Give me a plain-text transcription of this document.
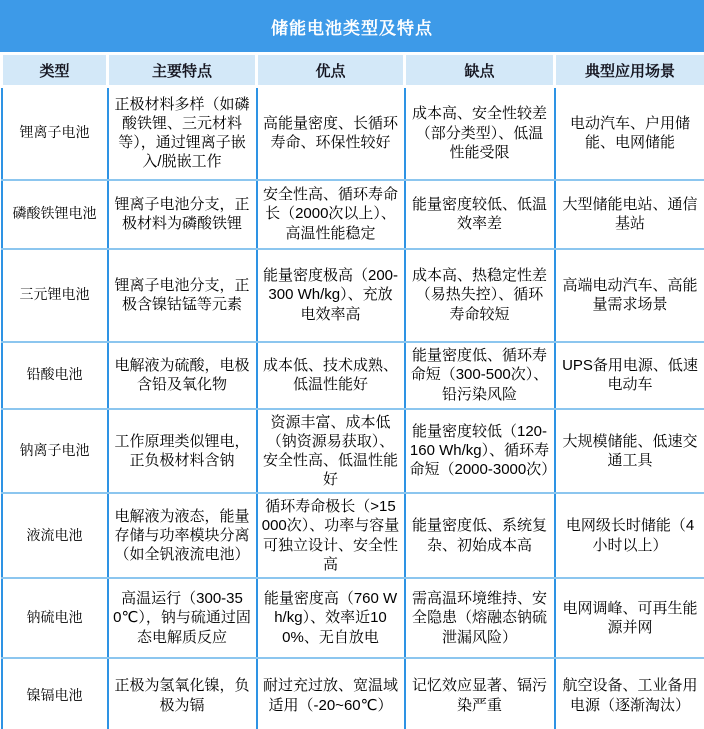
储能电池类型及特点
类型	主要特点	优点	缺点	典型应用场景
锂离子电池	正极材料多样（如磷酸铁锂、三元材料等），通过锂离子嵌入/脱嵌工作	高能量密度、长循环寿命、环保性较好	成本高、安全性较差（部分类型）、低温性能受限	电动汽车、户用储能、电网储能
磷酸铁锂电池	锂离子电池分支，正极材料为磷酸铁锂	安全性高、循环寿命长（2000次以上）、高温性能稳定	能量密度较低、低温效率差	大型储能电站、通信基站
三元锂电池	锂离子电池分支，正极含镍钴锰等元素	能量密度极高（200-300 Wh/kg）、充放电效率高	成本高、热稳定性差（易热失控）、循环寿命较短	高端电动汽车、高能量需求场景
铅酸电池	电解液为硫酸，电极含铅及氧化物	成本低、技术成熟、低温性能好	能量密度低、循环寿命短（300-500次）、铅污染风险	UPS备用电源、低速电动车
钠离子电池	工作原理类似锂电，正负极材料含钠	资源丰富、成本低（钠资源易获取）、安全性高、低温性能好	能量密度较低（120-160 Wh/kg）、循环寿命短（2000-3000次）	大规模储能、低速交通工具
液流电池	电解液为液态，能量存储与功率模块分离（如全钒液流电池）	循环寿命极长（>15000次）、功率与容量可独立设计、安全性高	能量密度低、系统复杂、初始成本高	电网级长时储能（4小时以上）
钠硫电池	高温运行（300-350℃），钠与硫通过固态电解质反应	能量密度高（760 Wh/kg）、效率近100%、无自放电	需高温环境维持、安全隐患（熔融态钠硫泄漏风险）	电网调峰、可再生能源并网
镍镉电池	正极为氢氧化镍，负极为镉	耐过充过放、宽温域适用（-20~60℃）	记忆效应显著、镉污染严重	航空设备、工业备用电源（逐渐淘汰）
